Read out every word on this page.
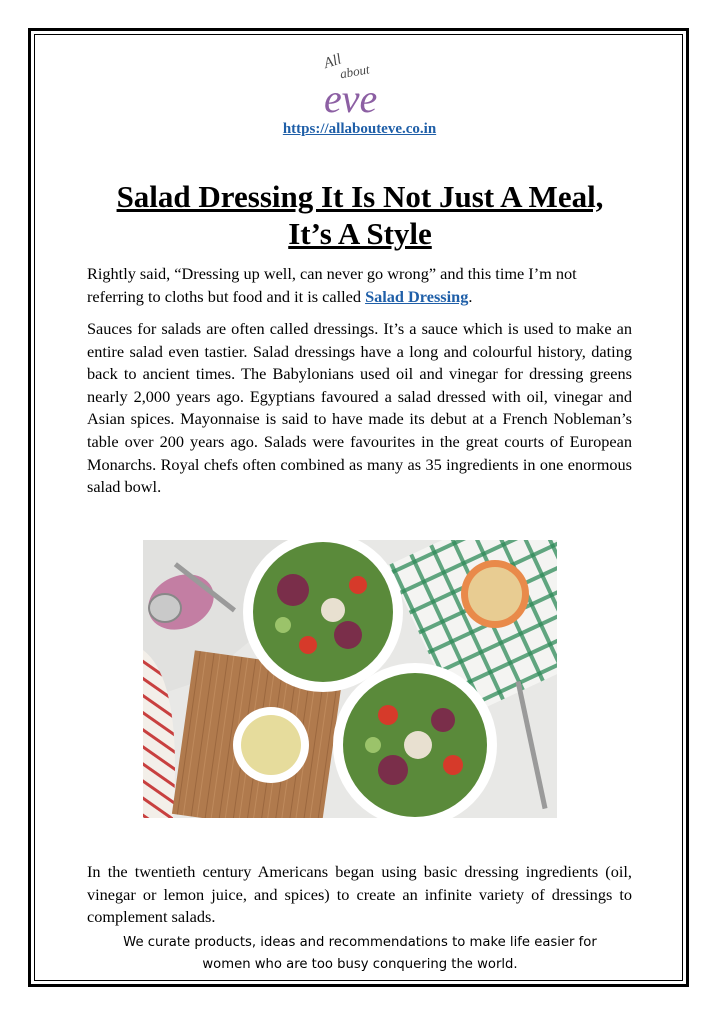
All
about
eve
https://allabouteve.co.in
Salad Dressing It Is Not Just A Meal,
It’s A Style

Rightly said, “Dressing up well, can never go wrong” and this time I’m not referring to cloths but food and it is called Salad Dressing.

Sauces for salads are often called dressings. It’s a sauce which is used to make an entire salad even tastier. Salad dressings have a long and colourful history, dating back to ancient times. The Babylonians used oil and vinegar for dressing greens nearly 2,000 years ago. Egyptians favoured a salad dressed with oil, vinegar and Asian spices. Mayonnaise is said to have made its debut at a French Nobleman’s table over 200 years ago. Salads were favourites in the great courts of European Monarchs. Royal chefs often combined as many as 35 ingredients in one enormous salad bowl.

In the twentieth century Americans began using basic dressing ingredients (oil, vinegar or lemon juice, and spices) to create an infinite variety of dressings to complement salads.

We curate products, ideas and recommendations to make life easier for
women who are too busy conquering the world.
